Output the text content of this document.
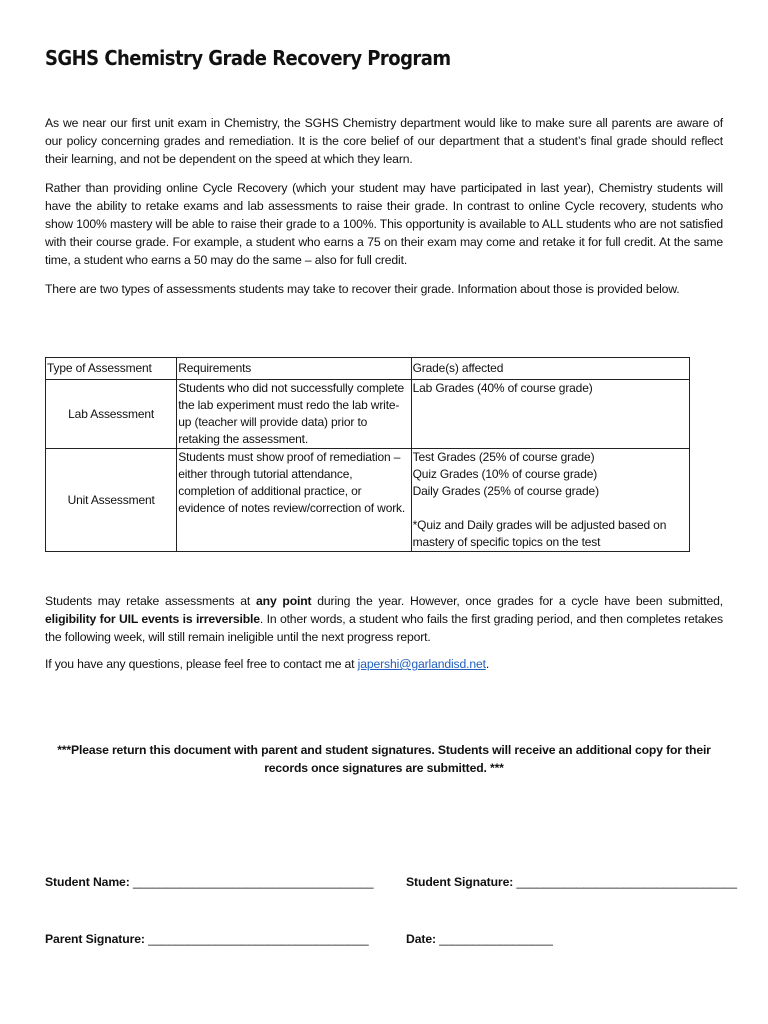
SGHS Chemistry Grade Recovery Program

As we near our first unit exam in Chemistry, the SGHS Chemistry department would like to make sure all parents are aware of our policy concerning grades and remediation. It is the core belief of our department that a student’s final grade should reflect their learning, and not be dependent on the speed at which they learn.

Rather than providing online Cycle Recovery (which your student may have participated in last year), Chemistry students will have the ability to retake exams and lab assessments to raise their grade. In contrast to online Cycle recovery, students who show 100% mastery will be able to raise their grade to a 100%. This opportunity is available to ALL students who are not satisfied with their course grade. For example, a student who earns a 75 on their exam may come and retake it for full credit. At the same time, a student who earns a 50 may do the same – also for full credit.

There are two types of assessments students may take to recover their grade. Information about those is provided below.

Type of Assessment	Requirements	Grade(s) affected
Lab Assessment	Students who did not successfully complete the lab experiment must redo the lab write-up (teacher will provide data) prior to retaking the assessment.	Lab Grades (40% of course grade)

Unit Assessment	Students must show proof of remediation – either through tutorial attendance, completion of additional practice, or evidence of notes review/correction of work.	Test Grades (25% of course grade)
Quiz Grades (10% of course grade)
Daily Grades (25% of course grade)
*Quiz and Daily grades will be adjusted based on mastery of specific topics on the test

Students may retake assessments at any point during the year. However, once grades for a cycle have been submitted, eligibility for UIL events is irreversible. In other words, a student who fails the first grading period, and then completes retakes the following week, will still remain ineligible until the next progress report.

If you have any questions, please feel free to contact me at japershi@garlandisd.net.

***Please return this document with parent and student signatures. Students will receive an additional copy for their records once signatures are submitted. ***

Student Name: ____________________________________	Student Signature: _________________________________
Parent Signature: _________________________________	Date: _________________
